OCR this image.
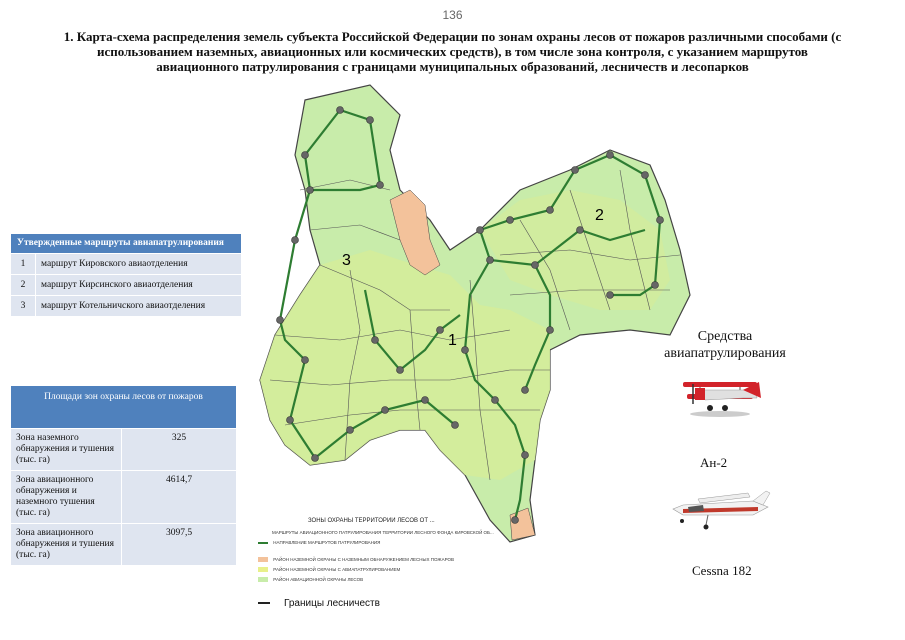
136
1. Карта-схема распределения земель субъекта Российской Федерации по зонам охраны лесов от пожаров различными способами (с использованием наземных, авиационных или космических средств), в том числе зона контроля, с указанием маршрутов авиационного патрулирования с границами муниципальных образований, лесничеств и лесопарков
1
2
3
ЗОНЫ ОХРАНЫ ТЕРРИТОРИИ ЛЕСОВ ОТ ...
МАРШРУТЫ АВИАЦИОННОГО ПАТРУЛИРОВАНИЯ ТЕРРИТОРИИ ЛЕСНОГО ФОНДА КИРОВСКОЙ ОБ...
НАПРАВЛЕНИЕ МАРШРУТОВ ПАТРУЛИРОВАНИЯ
РАЙОН НАЗЕМНОЙ ОХРАНЫ С НАЗЕМНЫМ ОБНАРУЖЕНИЕМ ЛЕСНЫХ ПОЖАРОВ
РАЙОН НАЗЕМНОЙ ОХРАНЫ С АВИАПАТРУЛИРОВАНИЕМ
РАЙОН АВИАЦИОННОЙ ОХРАНЫ ЛЕСОВ
Границы лесничеств
Утвержденные маршруты авиапатрулирования	
1	маршрут Кировского авиаотделения
2	маршрут Кирсинского авиаотделения
3	маршрут Котельничского авиаотделения
Площади зон охраны лесов от пожаров	
Зона наземного обнаружения и тушения (тыс. га)	325
Зона авиационного обнаружения и наземного тушения (тыс. га)	4614,7
Зона авиационного обнаружения и тушения (тыс. га)	3097,5
Средства авиапатрулирования
Ан-2
Cessna 182
